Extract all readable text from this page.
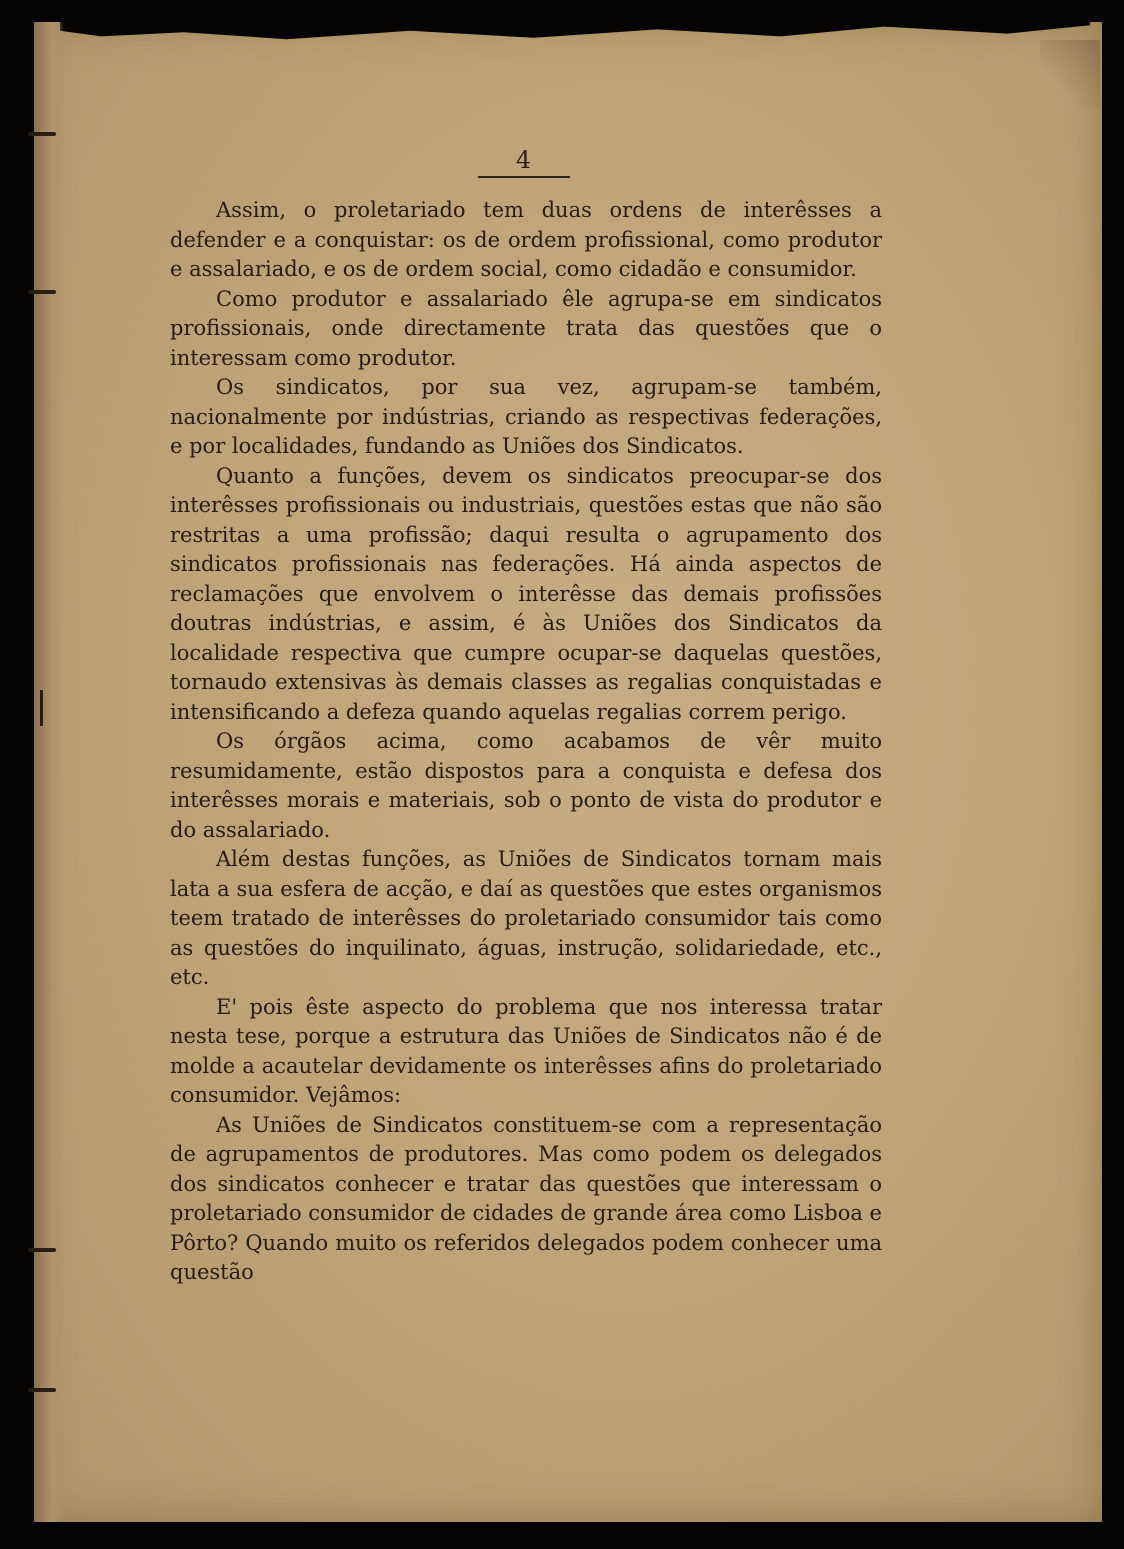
4

Assim, o proletariado tem duas ordens de interêsses a defender e a conquistar: os de ordem profissional, como produtor e assalariado, e os de ordem social, como cidadão e consumidor.

Como produtor e assalariado êle agrupa-se em sindicatos profissionais, onde directamente trata das questões que o interessam como produtor.

Os sindicatos, por sua vez, agrupam-se também, nacionalmente por indústrias, criando as respectivas federações, e por localidades, fundando as Uniões dos Sindicatos.

Quanto a funções, devem os sindicatos preocupar-se dos interêsses profissionais ou industriais, questões estas que não são restritas a uma profissão; daqui resulta o agrupamento dos sindicatos profissionais nas federações. Há ainda aspectos de reclamações que envolvem o interêsse das demais profissões doutras indústrias, e assim, é às Uniões dos Sindicatos da localidade respectiva que cumpre ocupar-se daquelas questões, tornaudo extensivas às demais classes as regalias conquistadas e intensificando a defeza quando aquelas regalias correm perigo.

Os órgãos acima, como acabamos de vêr muito resumidamente, estão dispostos para a conquista e defesa dos interêsses morais e materiais, sob o ponto de vista do produtor e do assalariado.

Além destas funções, as Uniões de Sindicatos tornam mais lata a sua esfera de acção, e daí as questões que estes organismos teem tratado de interêsses do proletariado consumidor tais como as questões do inquilinato, águas, instrução, solidariedade, etc., etc.

E' pois êste aspecto do problema que nos interessa tratar nesta tese, porque a estrutura das Uniões de Sindicatos não é de molde a acautelar devidamente os interêsses afins do proletariado consumidor. Vejâmos:

As Uniões de Sindicatos constituem-se com a representação de agrupamentos de produtores. Mas como podem os delegados dos sindicatos conhecer e tratar das questões que interessam o proletariado consumidor de cidades de grande área como Lisboa e Pôrto? Quando muito os referidos delegados podem conhecer uma questão
